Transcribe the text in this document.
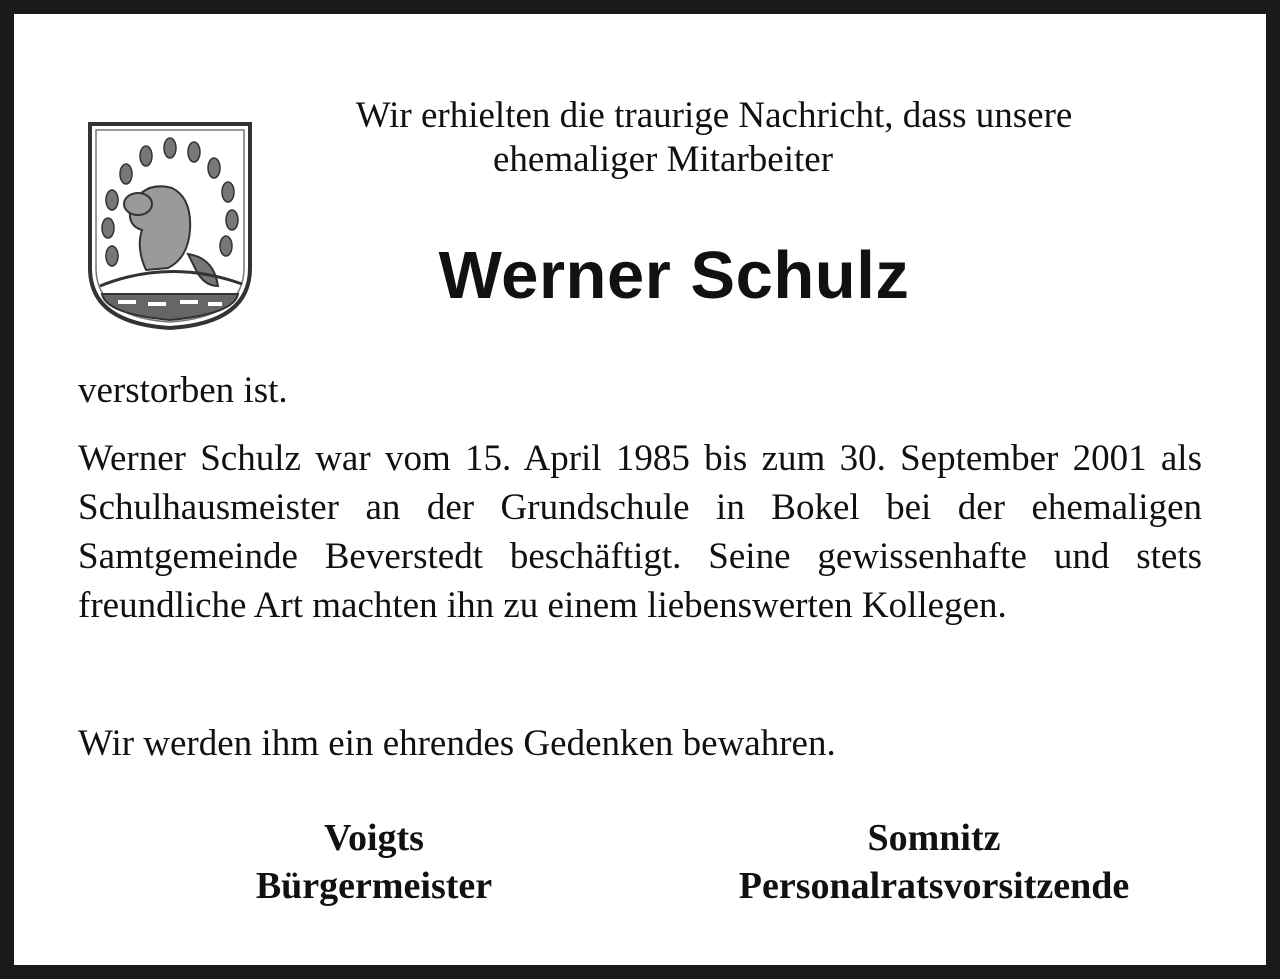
Wir erhielten die traurige Nachricht, dass unsere
ehemaliger Mitarbeiter
Werner Schulz
verstorben ist.
Werner Schulz war vom 15. April 1985 bis zum 30. September 2001 als Schulhausmeister an der Grundschule in Bokel bei der ehemaligen Samtgemeinde Beverstedt beschäftigt. Seine gewissenhafte und stets freundliche Art machten ihn zu einem liebenswerten Kollegen.
Wir werden ihm ein ehrendes Gedenken bewahren.
Voigts
Bürgermeister
Somnitz
Personalratsvorsitzende
